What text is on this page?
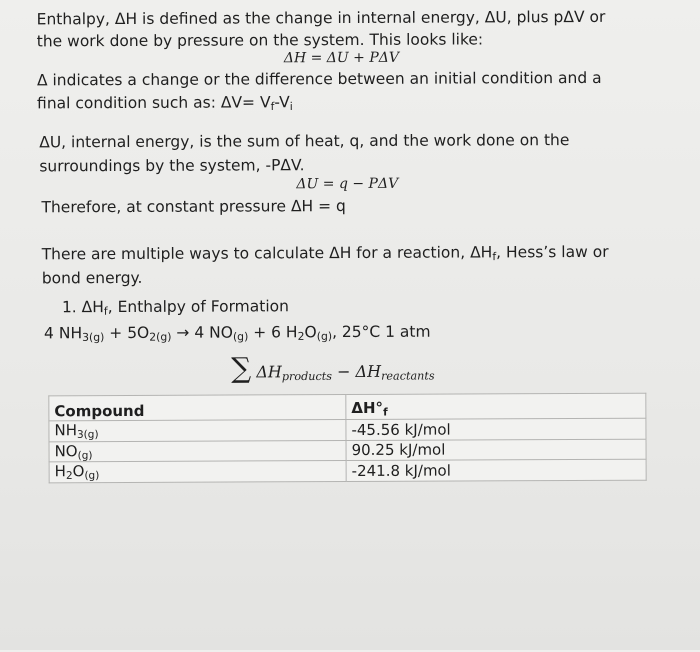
Enthalpy, ΔH is defined as the change in internal energy, ΔU, plus pΔV or
the work done by pressure on the system. This looks like:
ΔH = ΔU + PΔV
Δ indicates a change or the difference between an initial condition and a
final condition such as: $\Delta V= V_f-V_i$
ΔU, internal energy, is the sum of heat, q, and the work done on the
surroundings by the system, -PΔV.
ΔU = q − PΔV
Therefore, at constant pressure ΔH = q
There are multiple ways to calculate ΔH for a reaction, $\Delta H_f$, Hess’s law or
bond energy.
1. $\Delta H_f$, Enthalpy of Formation
4 $NH_{3(g)} + 5O_{2(g)} \to 4$ $NO_{(g)} + 6$ $H_2O_{(g)}$, 25°C 1 atm
∑ $\Delta H_{products} - \Delta H_{reactants}$
Compound	$\Delta H^\circ_f$
$NH_{3(g)}$	-45.56 kJ/mol
$NO_{(g)}$	90.25 kJ/mol
$H_2O_{(g)}$	-241.8 kJ/mol
